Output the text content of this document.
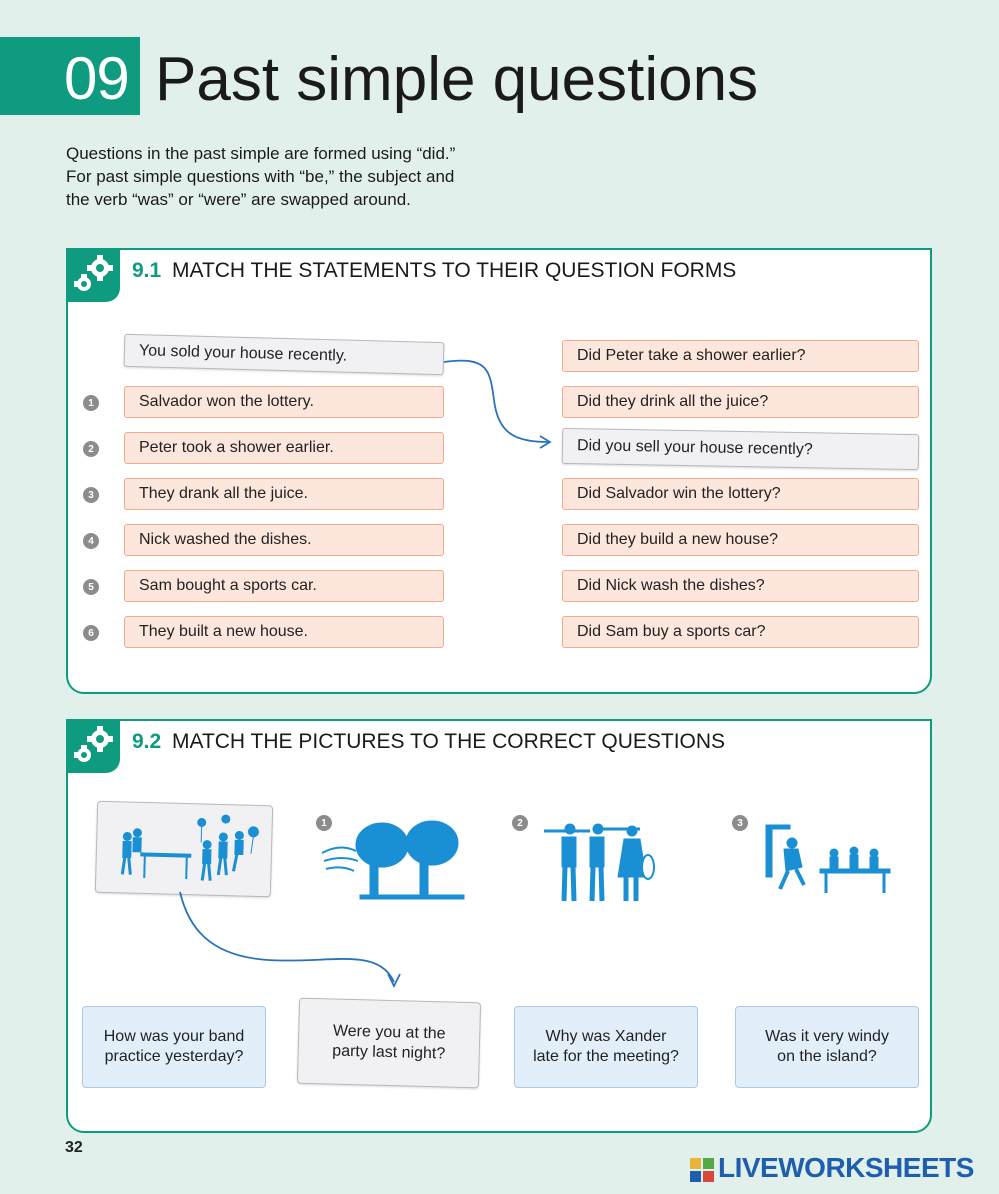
09 Past simple questions
Questions in the past simple are formed using “did.”
For past simple questions with “be,” the subject and
the verb “was” or “were” are swapped around.
9.1 MATCH THE STATEMENTS TO THEIR QUESTION FORMS
You sold your house recently.
1	Salvador won the lottery.
2	Peter took a shower earlier.
3	They drank all the juice.
4	Nick washed the dishes.
5	Sam bought a sports car.
6	They built a new house.
Did Peter take a shower earlier?
Did they drink all the juice?
Did you sell your house recently?
Did Salvador win the lottery?
Did they build a new house?
Did Nick wash the dishes?
Did Sam buy a sports car?
9.2 MATCH THE PICTURES TO THE CORRECT QUESTIONS
1	2	3
How was your band
practice yesterday?
Were you at the
party last night?
Why was Xander
late for the meeting?
Was it very windy
on the island?
32
LIVEWORKSHEETS
